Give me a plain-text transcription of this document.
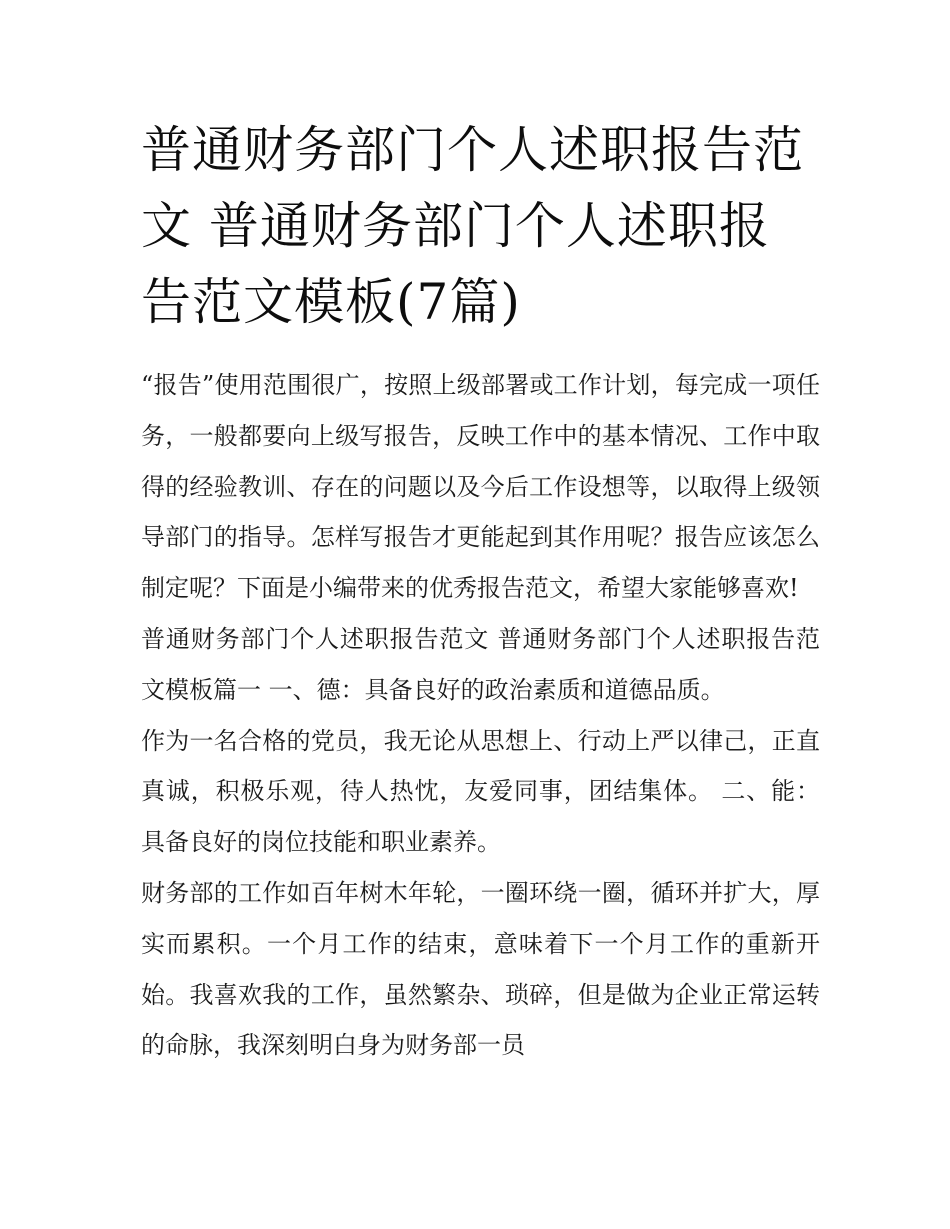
普通财务部门个人述职报告范文 普通财务部门个人述职报告范文模板(7篇)

“报告”使用范围很广，按照上级部署或工作计划，每完成一项任务，一般都要向上级写报告，反映工作中的基本情况、工作中取得的经验教训、存在的问题以及今后工作设想等，以取得上级领导部门的指导。怎样写报告才更能起到其作用呢？报告应该怎么制定呢？下面是小编带来的优秀报告范文，希望大家能够喜欢!

普通财务部门个人述职报告范文 普通财务部门个人述职报告范文模板篇一 一、德：具备良好的政治素质和道德品质。

作为一名合格的党员，我无论从思想上、行动上严以律己，正直真诚，积极乐观，待人热忱，友爱同事，团结集体。 二、能：具备良好的岗位技能和职业素养。

财务部的工作如百年树木年轮，一圈环绕一圈，循环并扩大，厚实而累积。一个月工作的结束，意味着下一个月工作的重新开始。我喜欢我的工作，虽然繁杂、琐碎，但是做为企业正常运转的命脉，我深刻明白身为财务部一员
